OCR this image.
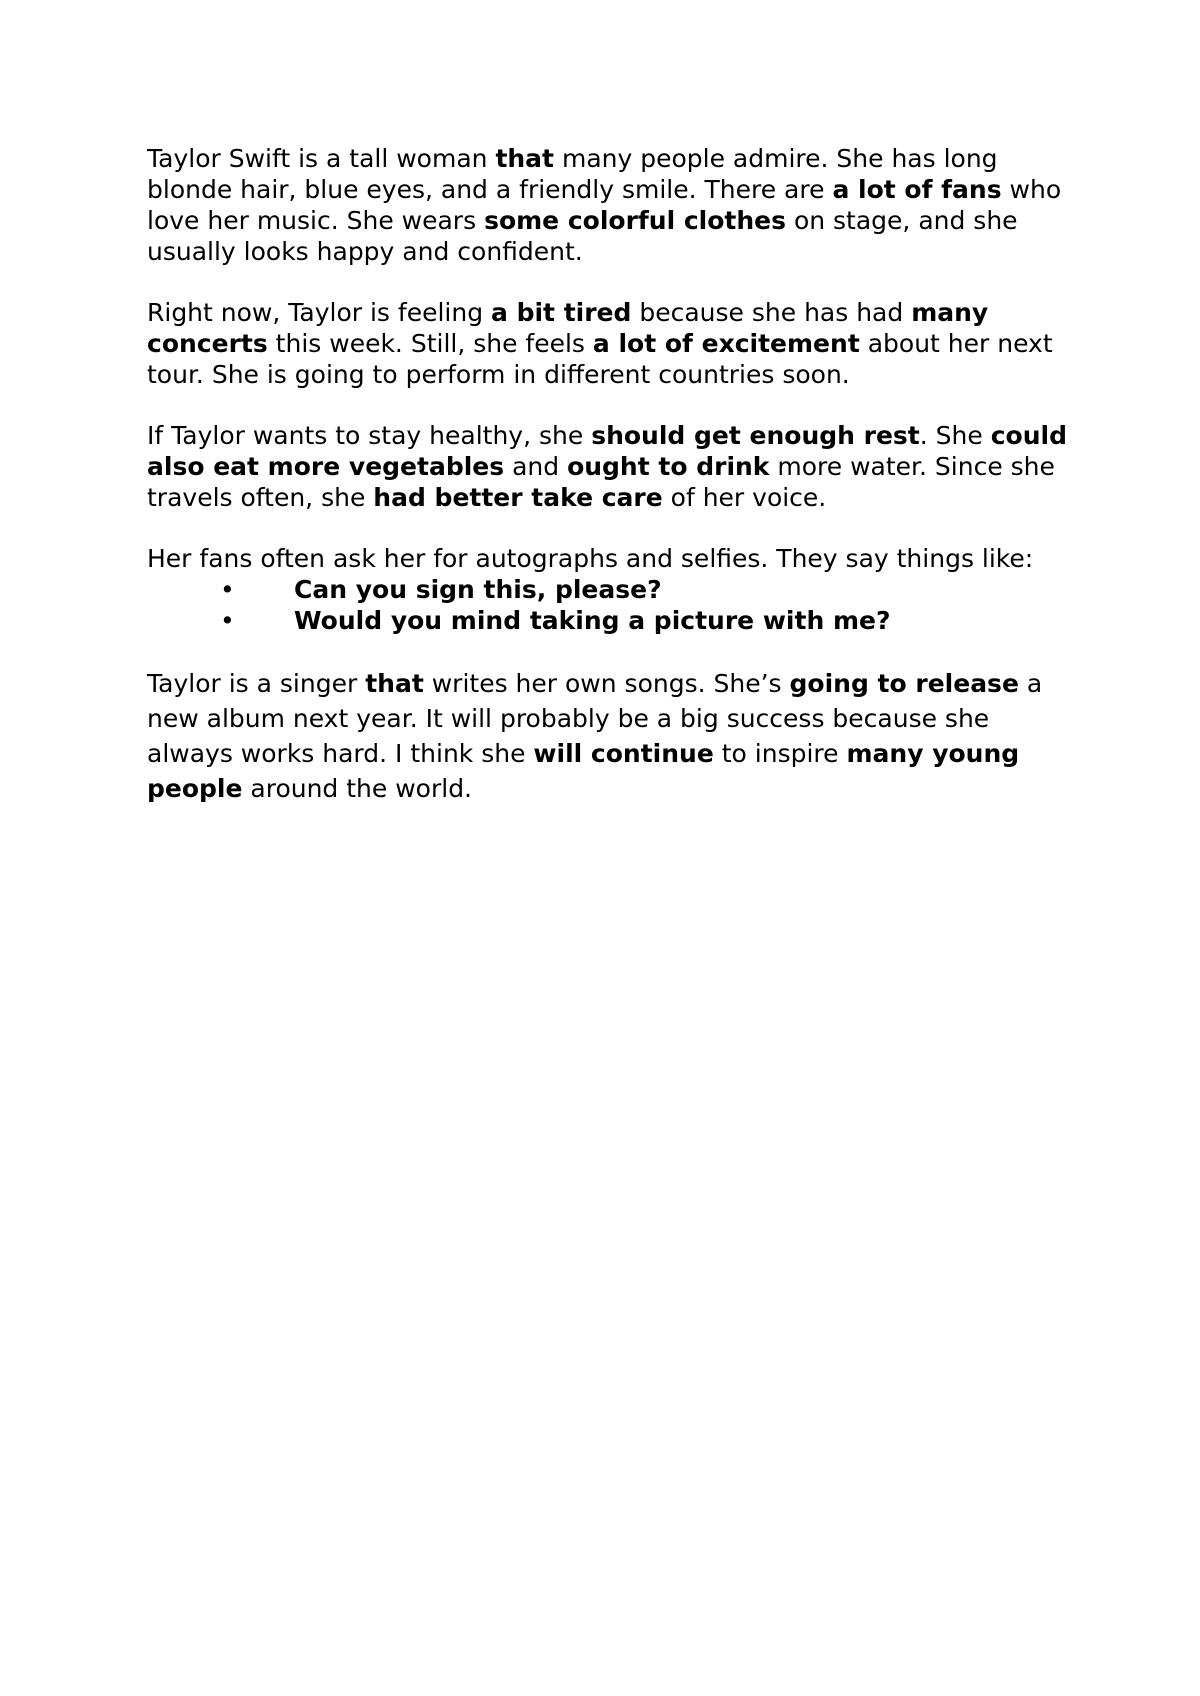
Taylor Swift is a tall woman that many people admire. She has long blonde hair, blue eyes, and a friendly smile. There are a lot of fans who love her music. She wears some colorful clothes on stage, and she usually looks happy and confident.

Right now, Taylor is feeling a bit tired because she has had many concerts this week. Still, she feels a lot of excitement about her next tour. She is going to perform in different countries soon.

If Taylor wants to stay healthy, she should get enough rest. She could also eat more vegetables and ought to drink more water. Since she travels often, she had better take care of her voice.

Her fans often ask her for autographs and selfies. They say things like:

• Can you sign this, please?
• Would you mind taking a picture with me?

Taylor is a singer that writes her own songs. She’s going to release a new album next year. It will probably be a big success because she always works hard. I think she will continue to inspire many young people around the world.
